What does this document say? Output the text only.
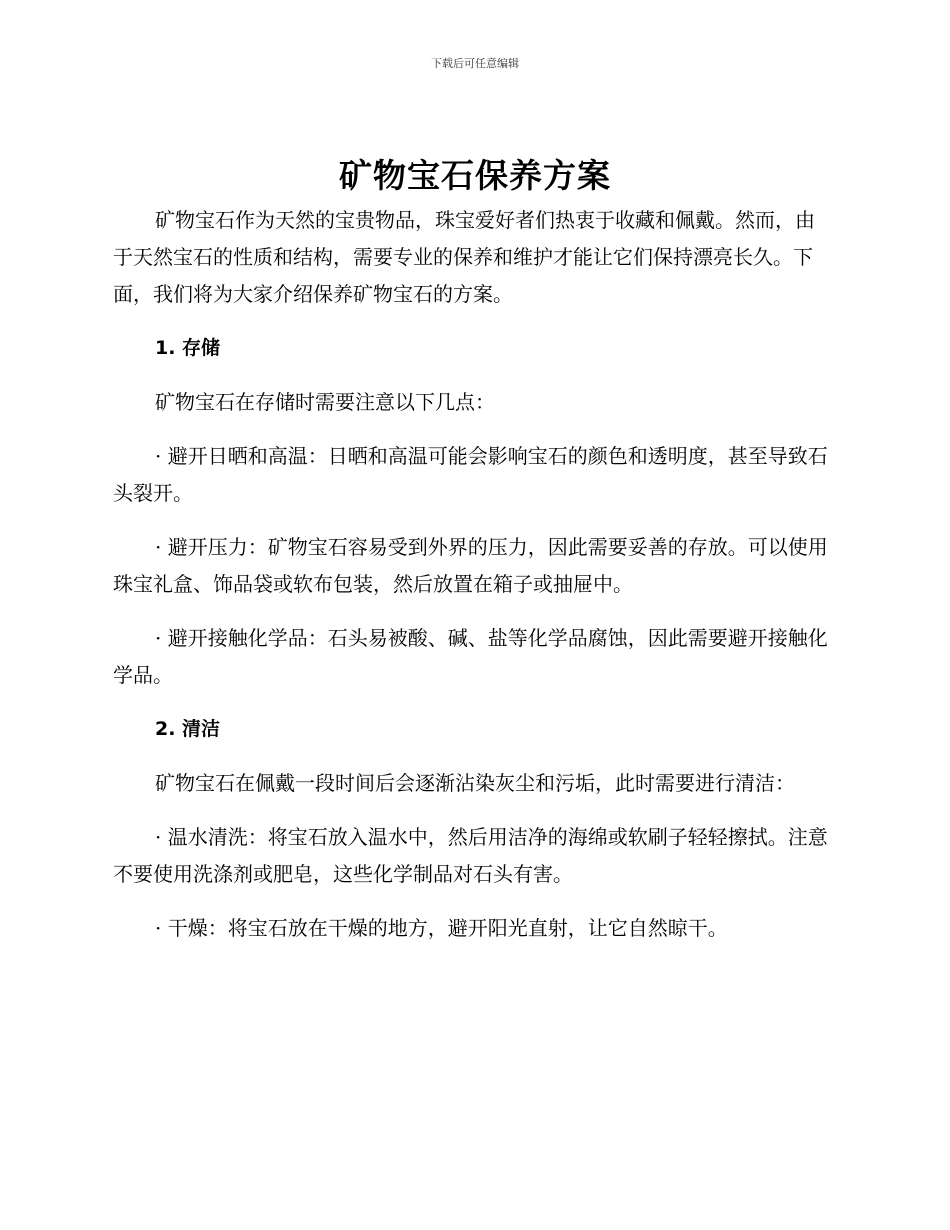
下载后可任意编辑
矿物宝石保养方案

矿物宝石作为天然的宝贵物品，珠宝爱好者们热衷于收藏和佩戴。然而，由于天然宝石的性质和结构，需要专业的保养和维护才能让它们保持漂亮长久。下面，我们将为大家介绍保养矿物宝石的方案。

1. 存储

矿物宝石在存储时需要注意以下几点：

· 避开日晒和高温：日晒和高温可能会影响宝石的颜色和透明度，甚至导致石头裂开。

· 避开压力：矿物宝石容易受到外界的压力，因此需要妥善的存放。可以使用珠宝礼盒、饰品袋或软布包装，然后放置在箱子或抽屉中。

· 避开接触化学品：石头易被酸、碱、盐等化学品腐蚀，因此需要避开接触化学品。

2. 清洁

矿物宝石在佩戴一段时间后会逐渐沾染灰尘和污垢，此时需要进行清洁：

· 温水清洗：将宝石放入温水中，然后用洁净的海绵或软刷子轻轻擦拭。注意不要使用洗涤剂或肥皂，这些化学制品对石头有害。

· 干燥：将宝石放在干燥的地方，避开阳光直射，让它自然晾干。
